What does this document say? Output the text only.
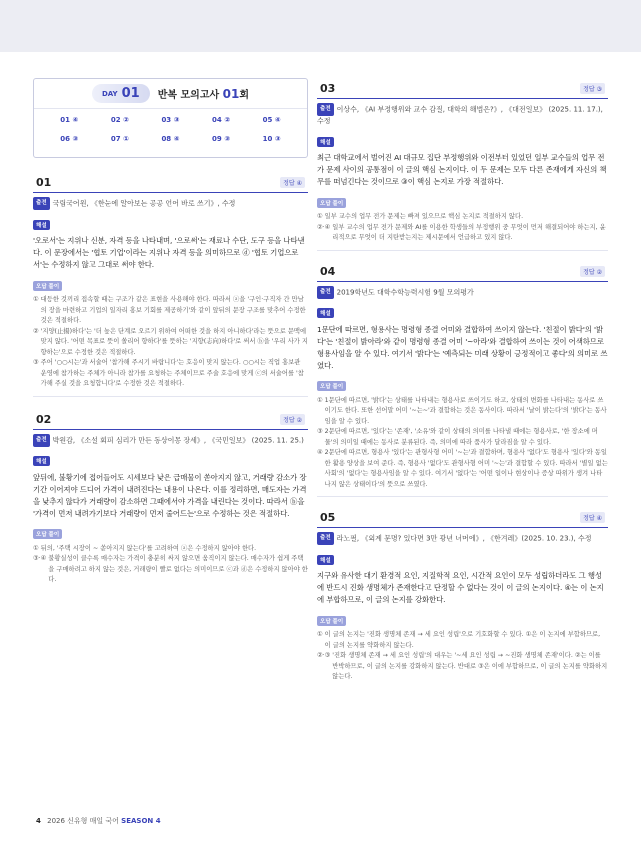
DAY 01 반복 모의고사 01회
01 ④	02 ②	03 ③	04 ②	05 ④
06 ③	07 ①	08 ④	09 ③	10 ③
01	정답 ④
출전 국립국어원, 《한눈에 알아보는 공공 언어 바로 쓰기》, 수정
해설
'오로서'는 지위나 신분, 자격 등을 나타내며, '으로써'는 재료나 수단, 도구 등을 나타낸다. 이 문장에서는 '협토 기업'이라는 지위나 자격 등을 의미하므로 ⓓ '협토 기업으로서'는 수정하지 않고 그대로 써야 한다.
오답 풀이
① 대등한 것끼리 접속할 때는 구조가 같은 표현을 사용해야 한다. 따라서 ⓐ을 '구인·구직자 간 만남의 장을 마련하고 기업의 일자리 홍보 기회를 제공하기'와 같이 앞뒤의 문장 구조를 맞추어 수정한 것은 적절하다.
② '지양(止揚)하다'는 '더 높은 단계로 오르기 위하여 어떠한 것을 하지 아니하다'라는 뜻으로 문맥에 맞지 않다. '어떤 목표로 뜻이 쏠리어 향하다'를 뜻하는 '지향(志向)하다'로 써서 ⓑ을 '우리 사가 지향하는'으로 수정한 것은 적절하다.
③ 주어 '○○시는'과 서술어 '참가해 주시기 바랍니다'는 호응이 맞지 않는다. ○○시는 직업 홍보관 운영에 참가하는 주체가 아니라 참가를 요청하는 주체이므로 주술 호응에 맞게 ⓒ의 서술어를 '참가해 주실 것을 요청합니다'로 수정한 것은 적절하다.
02	정답 ②
출전 박원갑, 《소설 회피 심리가 만든 동상이몽 장세》, 《국민일보》 (2025. 11. 25.)
해설
앞뒤에, 불황기에 접어들어도 시세보다 낮은 급매물이 쏟아지지 않고, 거래량 감소가 장기간 이어져야 드디어 가격이 내려진다는 내용이 나온다. 이를 정리하면, 매도자는 가격을 낮추지 않다가 거래량이 감소하면 그때에서야 가격을 내린다는 것이다. 따라서 ⓑ을 '가격이 먼저 내려가기보다 거래량이 먼저 줄어드는'으로 수정하는 것은 적절하다.
오답 풀이
① 뒤의, '주택 시장이 ~ 쏟아지지 않는다'를 고려하여 ⓐ은 수정하지 않아야 한다.
③·④ 불황실성이 클수록 매수자는 가격이 충분히 싸지 않으면 움직이지 않는다. 매수자가 쉽게 주택을 구매하려고 하지 않는 것은, 거래량이 빨로 없다는 의미이므로 ⓒ과 ⓓ은 수정하지 않아야 한다.
03	정답 ③
출전 이상수, 《AI 부정행위와 교수 갑질, 대학의 해법은?》, 《대전일보》 (2025. 11. 17.), 수정
해설
최근 대학교에서 벌어진 AI 대규모 집단 부정행위와 이전부터 있었던 일부 교수들의 업무 전가 문제 사이의 공통점이 이 글의 핵심 논지이다. 이 두 문제는 모두 다른 존재에게 자신의 책무를 떠넘긴다는 것이므로 ③이 핵심 논지로 가장 적절하다.
오답 풀이
① 일부 교수의 업무 전가 문제는 빠져 있으므로 핵심 논지로 적절하지 않다.
②·④ 일부 교수의 업무 전가 문제와 AI를 이용한 학생들의 부정행위 중 무엇이 먼저 해결되어야 하는지, 윤리적으로 무엇이 더 지탄받는지는 제시문에서 언급하고 있지 않다.
04	정답 ②
출전 2019학년도 대학수학능력시험 9월 모의평가
해설
1문단에 따르면, 형용사는 명령형 종결 어미와 결합하여 쓰이지 않는다. '친절이 밝다'의 '밝다'는 '친절이 밝아라'와 같이 명령형 종결 어미 '~아라'와 결합하여 쓰이는 것이 어색하므로 형용사임을 알 수 있다. 여기서 '밝다'는 '예측되는 미래 상황이 긍정적이고 좋다'의 의미로 쓰였다.
오답 풀이
① 1문단에 따르면, '밝다'는 상태를 나타내는 형용사로 쓰이기도 하고, 상태의 변화를 나타내는 동사로 쓰이기도 한다. 또한 선어말 어미 '~는~'과 결합하는 것은 동사이다. 따라서 '날이 밝는다'의 '밝다'는 동사임을 알 수 있다.
③ 2문단에 따르면, '있다'는 '존재', '소유'와 같이 상태의 의미를 나타낼 때에는 형용사로, '한 장소에 머물'의 의미일 때에는 동사로 분류된다. 즉, 의미에 따라 품사가 달라짐을 알 수 있다.
④ 2문단에 따르면, 형용사 '있다'는 관형사형 어미 '~는'과 결합하며, 형용사 '없다'도 형용사 '있다'와 동일한 활용 양상을 보여 준다. 즉, 형용사 '없다'도 관형사형 어미 '~는'과 결합할 수 있다. 따라서 '별일 없는 사회'의 '없다'는 형용사임을 알 수 있다. 여기서 '없다'는 '어떤 일이나 현상이나 증상 따위가 생겨 나타나지 않은 상태이다'의 뜻으로 쓰였다.
05	정답 ④
출전 라노필, 《외계 문명? 있다면 3만 광년 너머에》, 《한겨레》(2025. 10. 23.), 수정
해설
지구와 유사한 대기 환경적 요인, 지질학적 요인, 시간적 요인이 모두 성립하더라도 그 행성에 반드시 진화 생명체가 존재한다고 단정할 수 없다는 것이 이 글의 논지이다. ④는 이 논지에 부합하므로, 이 글의 논지를 강화한다.
오답 풀이
① 이 글의 논지는 '진화 생명체 존재 → 세 요인 성립'으로 기호화할 수 있다. ①은 이 논지에 부합하므로, 이 글의 논지를 약화하지 않는다.
②·③ '진화 생명체 존재 → 세 요인 성립'의 대우는 '~세 요인 성립 → ~진화 생명체 존재'이다. ②는 이를 반박하므로, 이 글의 논지를 강화하지 않는다. 반대로 ③은 이에 부합하므로, 이 글의 논지를 약화하지 않는다.
4 2026 신유형 매일 국어 SEASON 4
